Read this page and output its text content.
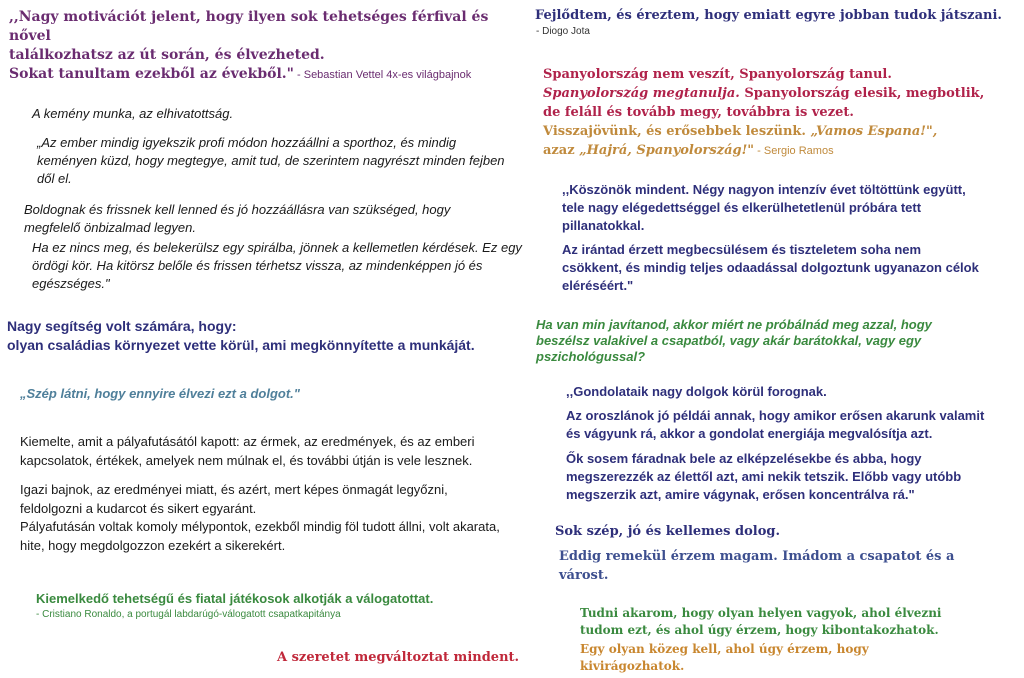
,,Nagy motivációt jelent, hogy ilyen sok tehetséges férfival és nővel
találkozhatsz az út során, és élvezheted.
Sokat tanultam ezekből az évekből." - Sebastian Vettel 4x-es világbajnok
A kemény munka, az elhivatottság.
„Az ember mindig igyekszik profi módon hozzáállni a sporthoz, és mindig keményen küzd, hogy megtegye, amit tud, de szerintem nagyrészt minden fejben dől el.
Boldognak és frissnek kell lenned és jó hozzáállásra van szükséged, hogy megfelelő önbizalmad legyen.
Ha ez nincs meg, és belekerülsz egy spirálba, jönnek a kellemetlen kérdések. Ez egy ördögi kör. Ha kitörsz belőle és frissen térhetsz vissza, az mindenképpen jó és egészséges."
Nagy segítség volt számára, hogy:
olyan családias környezet vette körül, ami megkönnyítette a munkáját.
„Szép látni, hogy ennyire élvezi ezt a dolgot."
Kiemelte, amit a pályafutásától kapott: az érmek, az eredmények, és az emberi kapcsolatok, értékek, amelyek nem múlnak el, és további útján is vele lesznek.
Igazi bajnok, az eredményei miatt, és azért, mert képes önmagát legyőzni, feldolgozni a kudarcot és sikert egyaránt.
Pályafutásán voltak komoly mélypontok, ezekből mindig föl tudott állni, volt akarata, hite, hogy megdolgozzon ezekért a sikerekért.
Kiemelkedő tehetségű és fiatal játékosok alkotják a válogatottat.
- Cristiano Ronaldo, a portugál labdarúgó-válogatott csapatkapitánya
A szeretet megváltoztat mindent.
Fejlődtem, és éreztem, hogy emiatt egyre jobban tudok játszani.
- Diogo Jota
Spanyolország nem veszít, Spanyolország tanul.
Spanyolország megtanulja. Spanyolország elesik, megbotlik,
de feláll és tovább megy, továbbra is vezet.
Visszajövünk, és erősebbek leszünk. „Vamos Espana!",
azaz „Hajrá, Spanyolország!" - Sergio Ramos
,,Köszönök mindent. Négy nagyon intenzív évet töltöttünk együtt, tele nagy elégedettséggel és elkerülhetetlenül próbára tett pillanatokkal.
Az irántad érzett megbecsülésem és tiszteletem soha nem csökkent, és mindig teljes odaadással dolgoztunk ugyanazon célok eléréséért."
Ha van min javítanod, akkor miért ne próbálnád meg azzal, hogy beszélsz valakivel a csapatból, vagy akár barátokkal, vagy egy pszichológussal?
,,Gondolataik nagy dolgok körül forognak.
Az oroszlánok jó példái annak, hogy amikor erősen akarunk valamit és vágyunk rá, akkor a gondolat energiája megvalósítja azt.
Ők sosem fáradnak bele az elképzelésekbe és abba, hogy megszerezzék az élettől azt, ami nekik tetszik. Előbb vagy utóbb megszerzik azt, amire vágynak, erősen koncentrálva rá."
Sok szép, jó és kellemes dolog.
Eddig remekül érzem magam. Imádom a csapatot és a várost.
Tudni akarom, hogy olyan helyen vagyok, ahol élvezni tudom ezt, és ahol úgy érzem, hogy kibontakozhatok.
Egy olyan közeg kell, ahol úgy érzem, hogy kivirágozhatok.
